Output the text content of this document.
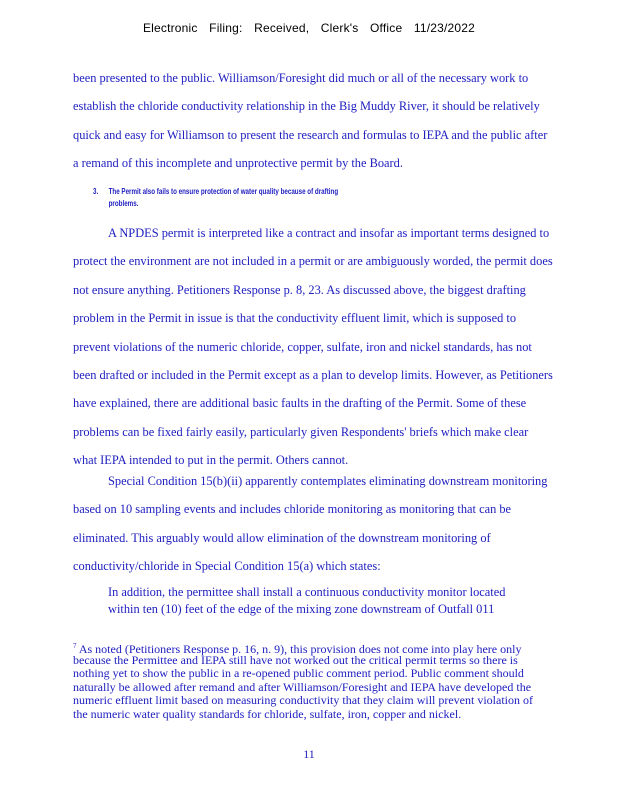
Electronic Filing: Received, Clerk's Office 11/23/2022
been presented to the public. Williamson/Foresight did much or all of the necessary work to
establish the chloride conductivity relationship in the Big Muddy River, it should be relatively
quick and easy for Williamson to present the research and formulas to IEPA and the public after
a remand of this incomplete and unprotective permit by the Board.
3. The Permit also fails to ensure protection of water quality because of drafting
problems.
A NPDES permit is interpreted like a contract and insofar as important terms designed to
protect the environment are not included in a permit or are ambiguously worded, the permit does
not ensure anything. Petitioners Response p. 8, 23. As discussed above, the biggest drafting
problem in the Permit in issue is that the conductivity effluent limit, which is supposed to
prevent violations of the numeric chloride, copper, sulfate, iron and nickel standards, has not
been drafted or included in the Permit except as a plan to develop limits. However, as Petitioners
have explained, there are additional basic faults in the drafting of the Permit. Some of these
problems can be fixed fairly easily, particularly given Respondents' briefs which make clear
what IEPA intended to put in the permit. Others cannot.
Special Condition 15(b)(ii) apparently contemplates eliminating downstream monitoring
based on 10 sampling events and includes chloride monitoring as monitoring that can be
eliminated. This arguably would allow elimination of the downstream monitoring of
conductivity/chloride in Special Condition 15(a) which states:
In addition, the permittee shall install a continuous conductivity monitor located
within ten (10) feet of the edge of the mixing zone downstream of Outfall 011
$^7$ As noted (Petitioners Response p. 16, n. 9), this provision does not come into play here only
because the Permittee and IEPA still have not worked out the critical permit terms so there is
nothing yet to show the public in a re-opened public comment period. Public comment should
naturally be allowed after remand and after Williamson/Foresight and IEPA have developed the
numeric effluent limit based on measuring conductivity that they claim will prevent violation of
the numeric water quality standards for chloride, sulfate, iron, copper and nickel.
11
